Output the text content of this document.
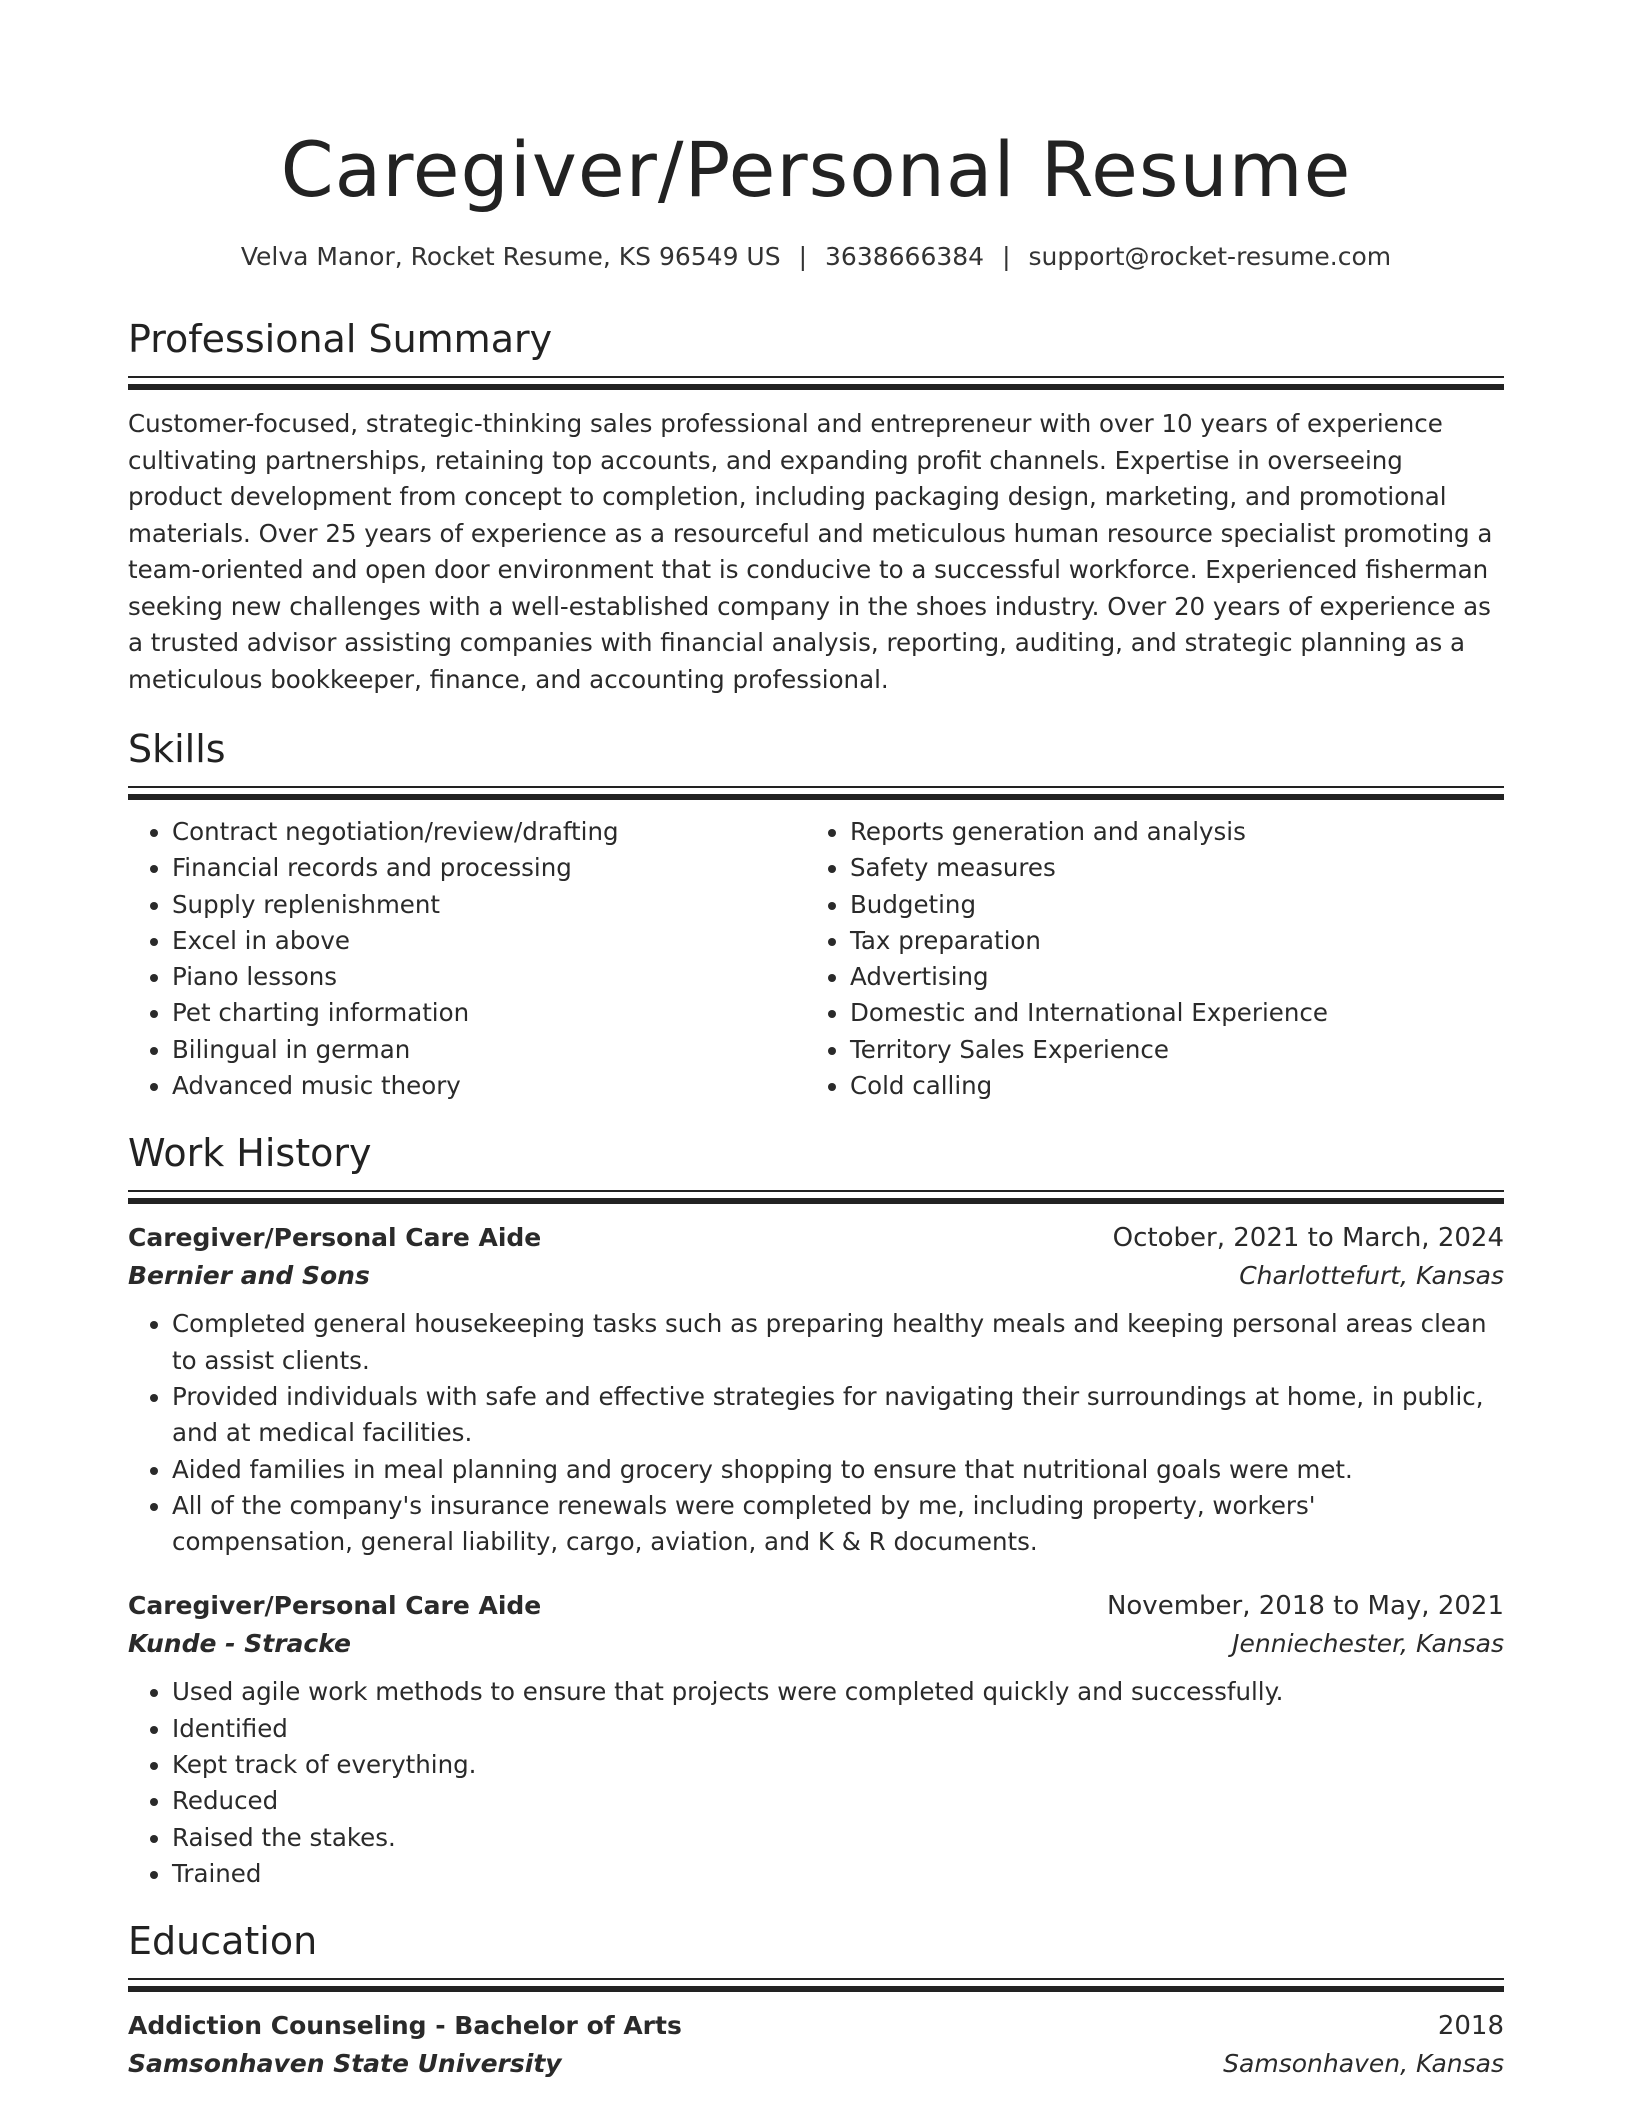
Caregiver/Personal Resume
Velva Manor, Rocket Resume, KS 96549 US | 3638666384 | support@rocket-resume.com
Professional Summary
Customer-focused, strategic-thinking sales professional and entrepreneur with over 10 years of experience cultivating partnerships, retaining top accounts, and expanding profit channels. Expertise in overseeing product development from concept to completion, including packaging design, marketing, and promotional materials. Over 25 years of experience as a resourceful and meticulous human resource specialist promoting a team-oriented and open door environment that is conducive to a successful workforce. Experienced fisherman seeking new challenges with a well-established company in the shoes industry. Over 20 years of experience as a trusted advisor assisting companies with financial analysis, reporting, auditing, and strategic planning as a meticulous bookkeeper, finance, and accounting professional.
Skills
• Contract negotiation/review/drafting
• Financial records and processing
• Supply replenishment
• Excel in above
• Piano lessons
• Pet charting information
• Bilingual in german
• Advanced music theory
• Reports generation and analysis
• Safety measures
• Budgeting
• Tax preparation
• Advertising
• Domestic and International Experience
• Territory Sales Experience
• Cold calling
Work History
Caregiver/Personal Care Aide	October, 2021 to March, 2024
Bernier and Sons	Charlottefurt, Kansas
• Completed general housekeeping tasks such as preparing healthy meals and keeping personal areas clean to assist clients.
• Provided individuals with safe and effective strategies for navigating their surroundings at home, in public, and at medical facilities.
• Aided families in meal planning and grocery shopping to ensure that nutritional goals were met.
• All of the company's insurance renewals were completed by me, including property, workers' compensation, general liability, cargo, aviation, and K & R documents.
Caregiver/Personal Care Aide	November, 2018 to May, 2021
Kunde - Stracke	Jenniechester, Kansas
• Used agile work methods to ensure that projects were completed quickly and successfully.
• Identified
• Kept track of everything.
• Reduced
• Raised the stakes.
• Trained
Education
Addiction Counseling - Bachelor of Arts	2018
Samsonhaven State University	Samsonhaven, Kansas
